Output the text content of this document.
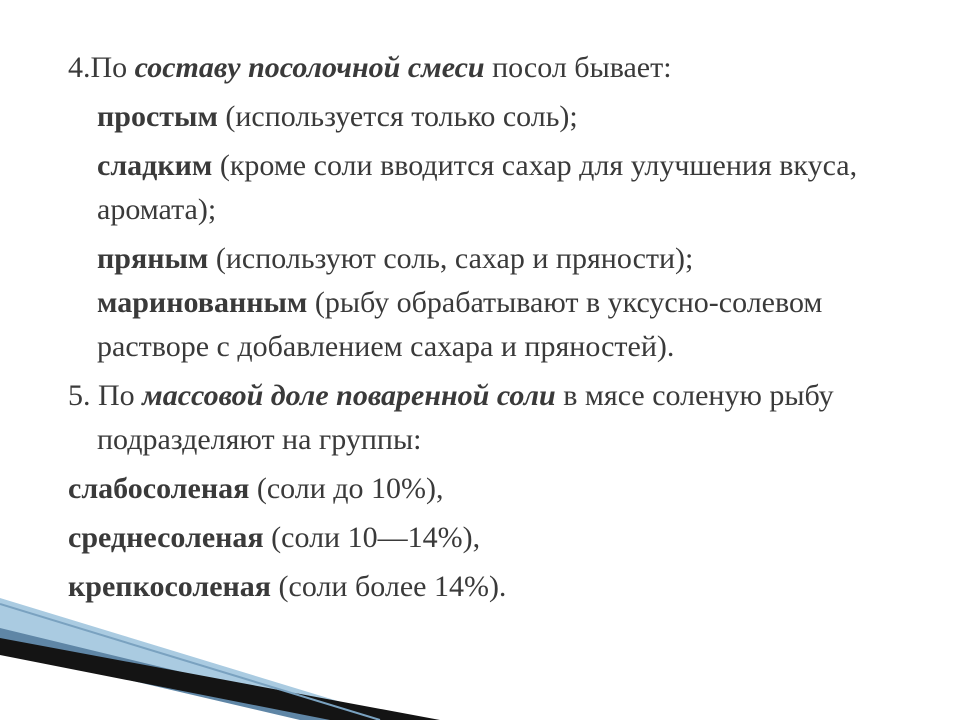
4.По составу посолочной смеси посол бывает:

простым (используется только соль);

сладким (кроме соли вводится сахар для улучшения вкуса, аромата);

пряным (используют соль, сахар и пряности);

маринованным (рыбу обрабатывают в уксусно-солевом растворе с добавлением сахара и пряностей).

5. По массовой доле поваренной соли в мясе соленую рыбу подразделяют на группы:

слабосоленая (соли до 10%),

среднесоленая (соли 10—14%),

крепкосоленая (соли более 14%).
